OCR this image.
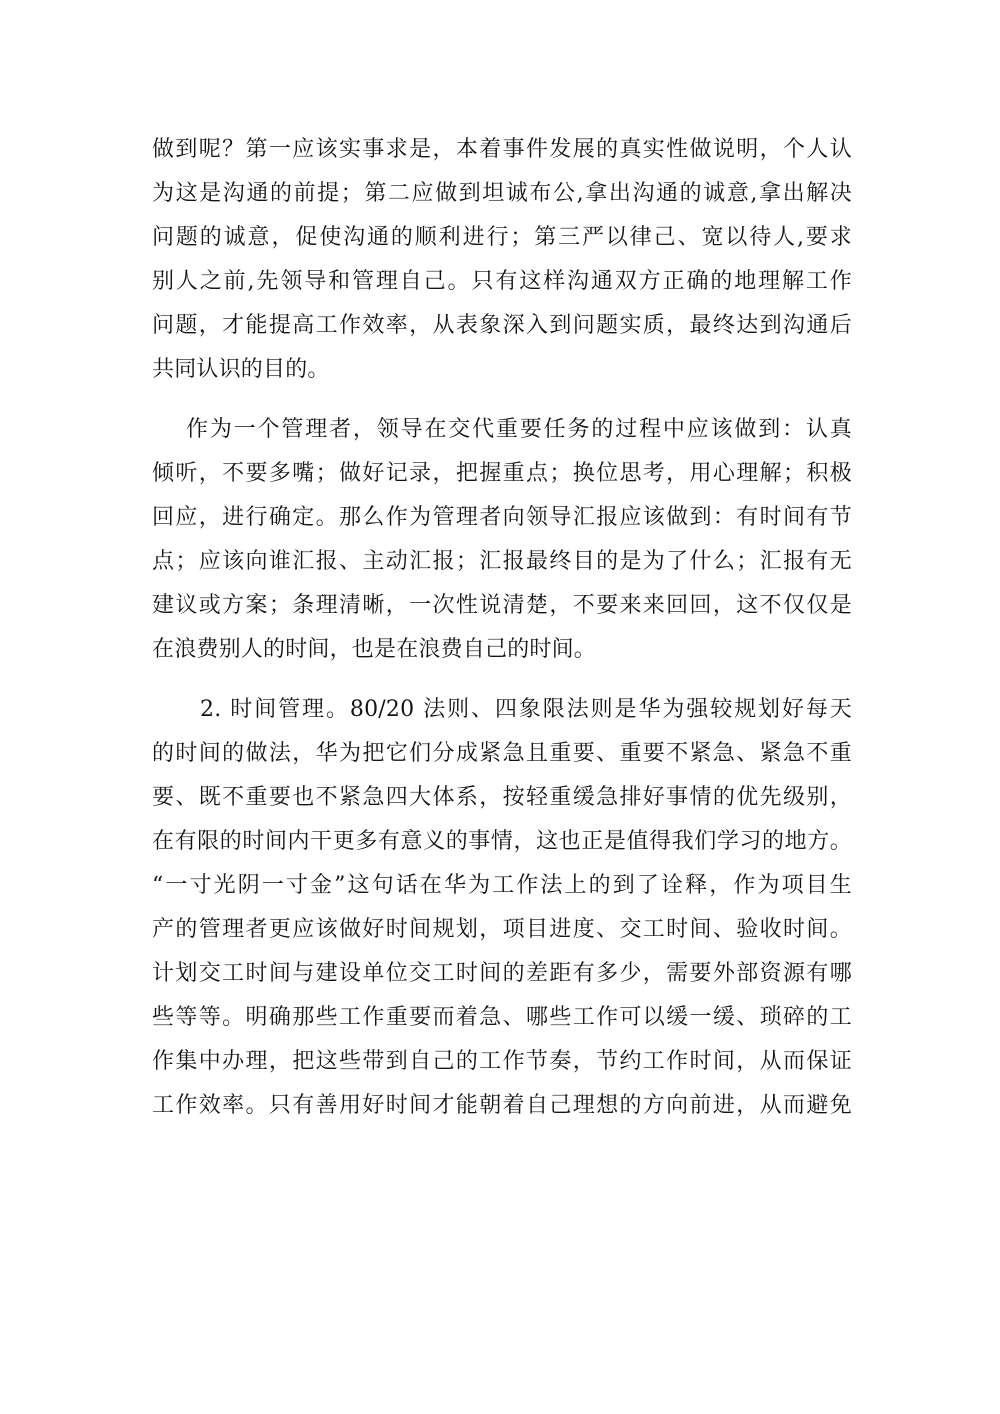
做到呢？第一应该实事求是，本着事件发展的真实性做说明，个人认
为这是沟通的前提；第二应做到坦诚布公,拿出沟通的诚意,拿出解决
问题的诚意，促使沟通的顺利进行；第三严以律己、宽以待人,要求
别人之前,先领导和管理自己。只有这样沟通双方正确的地理解工作
问题，才能提高工作效率，从表象深入到问题实质，最终达到沟通后
共同认识的目的。
作为一个管理者，领导在交代重要任务的过程中应该做到：认真
倾听，不要多嘴；做好记录，把握重点；换位思考，用心理解；积极
回应，进行确定。那么作为管理者向领导汇报应该做到：有时间有节
点；应该向谁汇报、主动汇报；汇报最终目的是为了什么；汇报有无
建议或方案；条理清晰，一次性说清楚，不要来来回回，这不仅仅是
在浪费别人的时间，也是在浪费自己的时间。
2. 时间管理。80/20 法则、四象限法则是华为强较规划好每天
的时间的做法，华为把它们分成紧急且重要、重要不紧急、紧急不重
要、既不重要也不紧急四大体系，按轻重缓急排好事情的优先级别，
在有限的时间内干更多有意义的事情，这也正是值得我们学习的地方。
“一寸光阴一寸金”这句话在华为工作法上的到了诠释，作为项目生
产的管理者更应该做好时间规划，项目进度、交工时间、验收时间。
计划交工时间与建设单位交工时间的差距有多少，需要外部资源有哪
些等等。明确那些工作重要而着急、哪些工作可以缓一缓、琐碎的工
作集中办理，把这些带到自己的工作节奏，节约工作时间，从而保证
工作效率。只有善用好时间才能朝着自己理想的方向前进，从而避免
